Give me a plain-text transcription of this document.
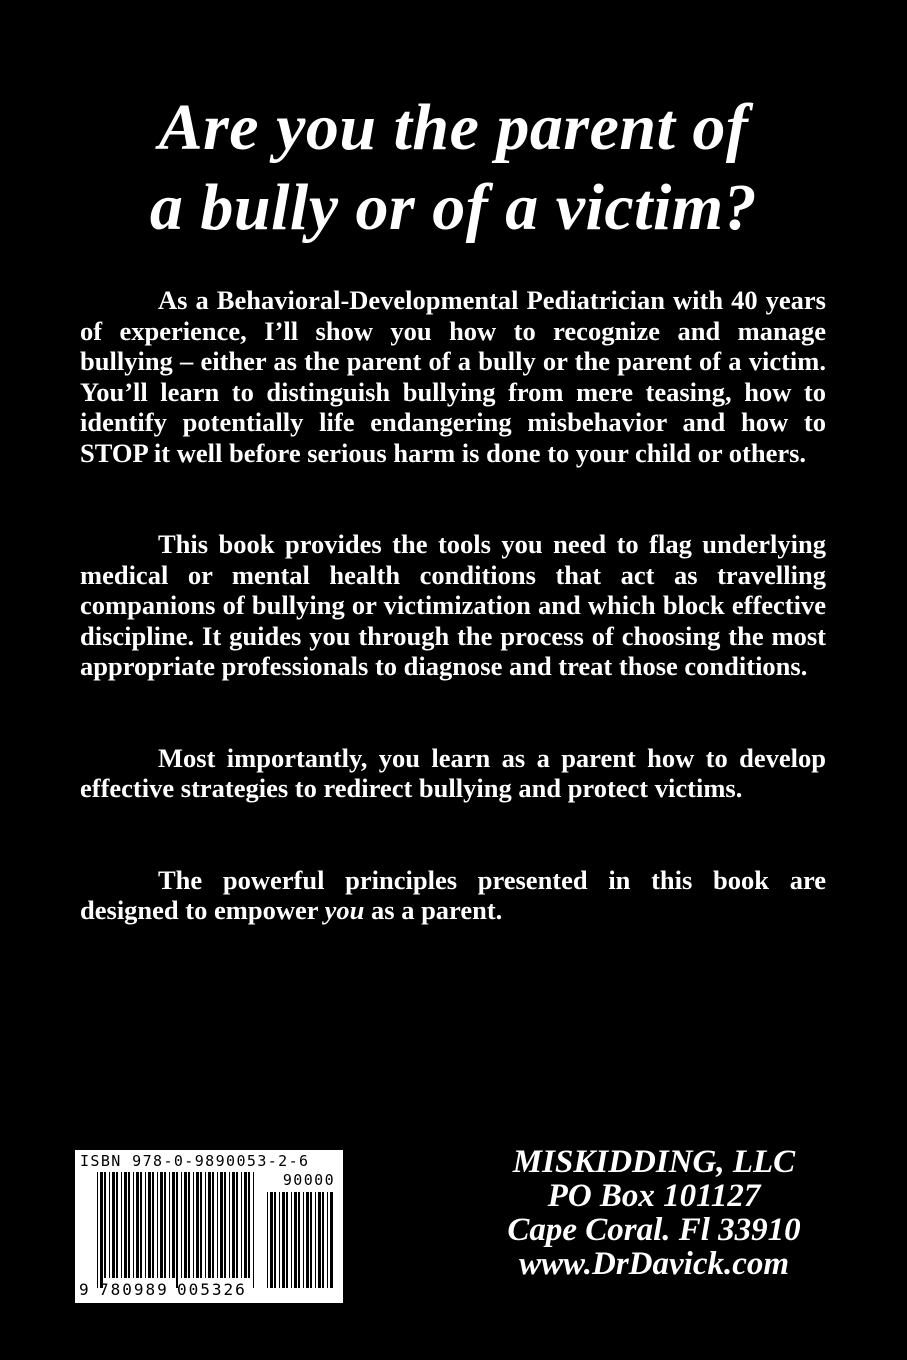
Are you the parent of
a bully or of a victim?

As a Behavioral-Developmental Pediatrician with 40 years of experience, I’ll show you how to recognize and manage bullying – either as the parent of a bully or the parent of a victim. You’ll learn to distinguish bullying from mere teasing, how to identify potentially life endangering misbehavior and how to STOP it well before serious harm is done to your child or others.

This book provides the tools you need to flag underlying medical or mental health conditions that act as travelling companions of bullying or victimization and which block effective discipline. It guides you through the process of choosing the most appropriate professionals to diagnose and treat those conditions.

Most importantly, you learn as a parent how to develop effective strategies to redirect bullying and protect victims.

The powerful principles presented in this book are designed to empower you as a parent.

ISBN 978-0-9890053-2-6
90000
9 780989 005326
MISKIDDING, LLC
PO Box 101127
Cape Coral. Fl 33910
www.DrDavick.com
